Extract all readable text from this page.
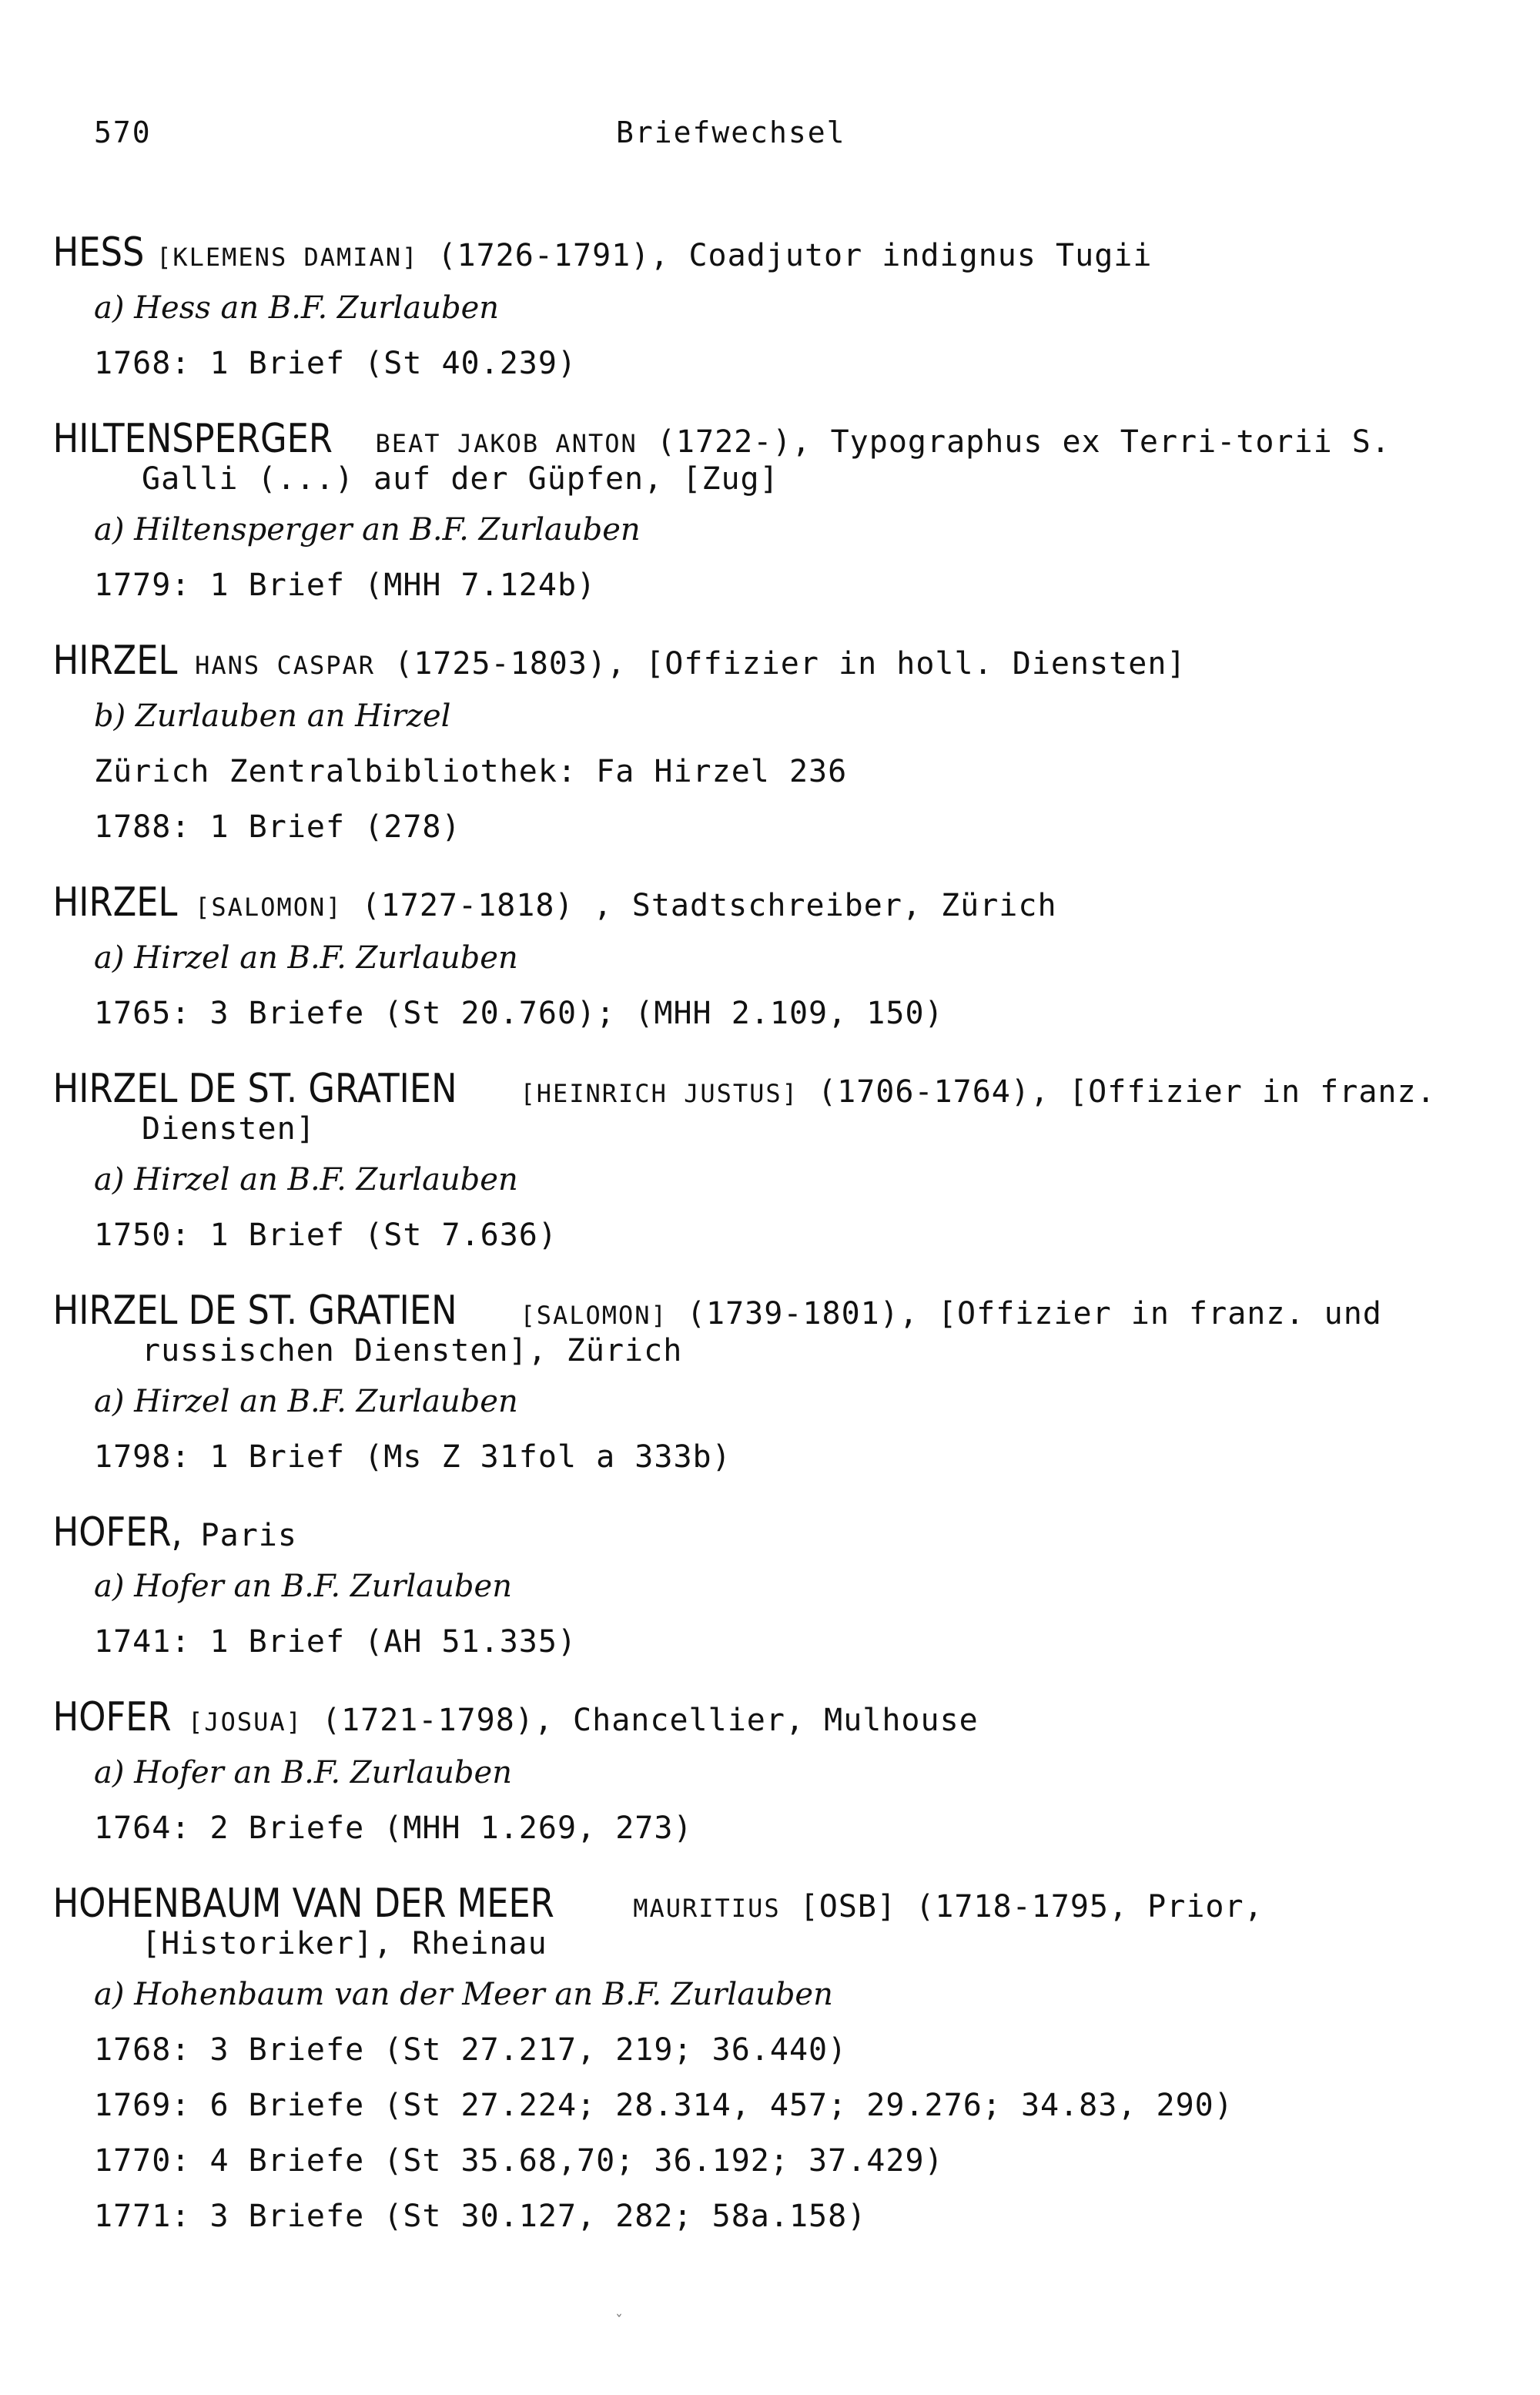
570	Briefwechsel
HESS [KLEMENS DAMIAN] (1726-1791), Coadjutor indignus Tugii
a) Hess an B.F. Zurlauben
1768: 1 Brief (St 40.239)
HILTENSPERGER BEAT JAKOB ANTON (1722-), Typographus ex Terri-torii S. Galli (...) auf der Güpfen, [Zug]
a) Hiltensperger an B.F. Zurlauben
1779: 1 Brief (MHH 7.124b)
HIRZEL HANS CASPAR (1725-1803), [Offizier in holl. Diensten]
b) Zurlauben an Hirzel
Zürich Zentralbibliothek: Fa Hirzel 236
1788: 1 Brief (278)
HIRZEL [SALOMON] (1727-1818) , Stadtschreiber, Zürich
a) Hirzel an B.F. Zurlauben
1765: 3 Briefe (St 20.760); (MHH 2.109, 150)
HIRZEL DE ST. GRATIEN	[HEINRICH JUSTUS] (1706-1764), [Offizier in franz. Diensten]
a) Hirzel an B.F. Zurlauben
1750: 1 Brief (St 7.636)
HIRZEL DE ST. GRATIEN	[SALOMON] (1739-1801), [Offizier in franz. und russischen Diensten], Zürich
a) Hirzel an B.F. Zurlauben
1798: 1 Brief (Ms Z 31fol a 333b)
HOFER, Paris
a) Hofer an B.F. Zurlauben
1741: 1 Brief (AH 51.335)
HOFER [JOSUA] (1721-1798), Chancellier, Mulhouse
a) Hofer an B.F. Zurlauben
1764: 2 Briefe (MHH 1.269, 273)
HOHENBAUM VAN DER MEER	MAURITIUS [OSB] (1718-1795, Prior, [Historiker], Rheinau
a) Hohenbaum van der Meer an B.F. Zurlauben
1768: 3 Briefe (St 27.217, 219; 36.440)
1769: 6 Briefe (St 27.224; 28.314, 457; 29.276; 34.83, 290)
1770: 4 Briefe (St 35.68,70; 36.192; 37.429)
1771: 3 Briefe (St 30.127, 282; 58a.158)
ˇ
